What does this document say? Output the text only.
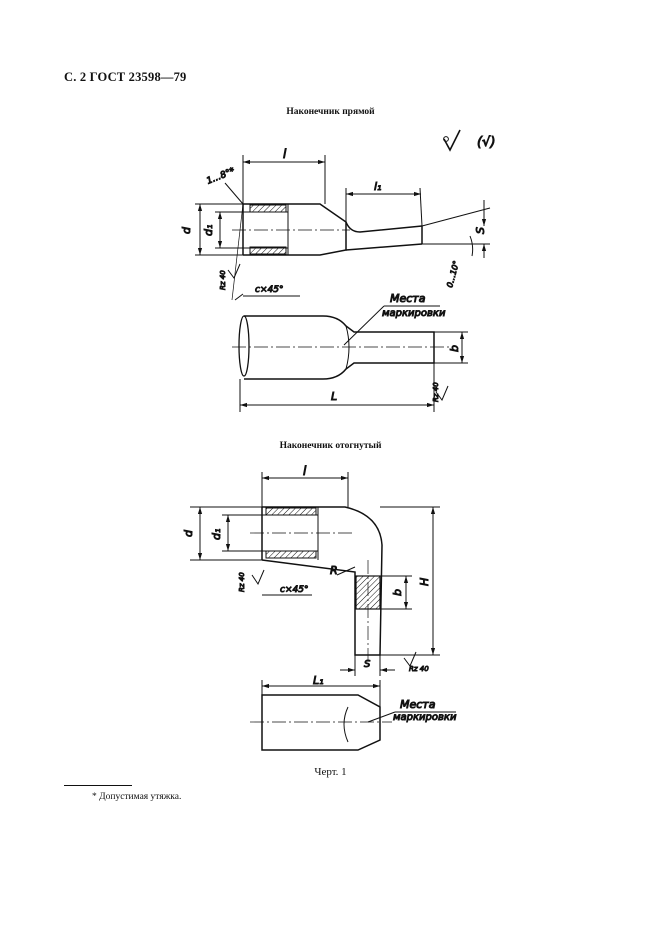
С. 2 ГОСТ 23598—79
Наконечник прямой
Наконечник отогнутый
(√)
l
l₁
1…8°*
d d₁	S
0…10°
Rz 40	c×45°
Места
маркировки
b
L	Rz 40
l
d d₁
R
Rz 40	c×45°	b
H
S	Rz 40
L₁
Места
маркировки
Черт. 1
* Допустимая утяжка.
